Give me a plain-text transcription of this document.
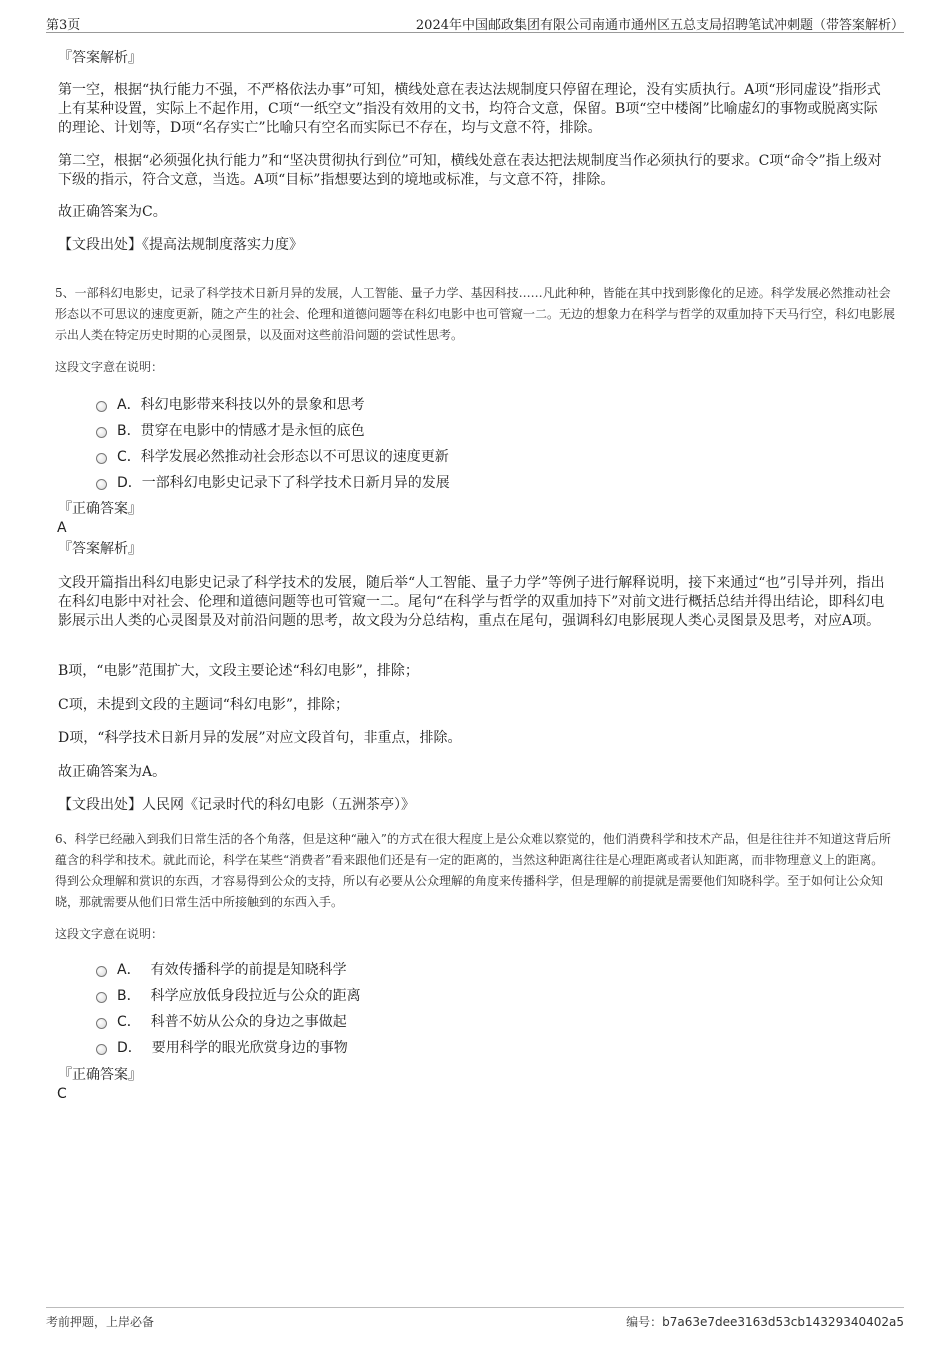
第3页	2024年中国邮政集团有限公司南通市通州区五总支局招聘笔试冲刺题（带答案解析）
『答案解析』
第一空，根据“执行能力不强，不严格依法办事”可知，横线处意在表达法规制度只停留在理论，没有实质执行。A项“形同虚设”指形式上有某种设置，实际上不起作用，C项“一纸空文”指没有效用的文书，均符合文意，保留。B项“空中楼阁”比喻虚幻的事物或脱离实际的理论、计划等，D项“名存实亡”比喻只有空名而实际已不存在，均与文意不符，排除。
第二空，根据“必须强化执行能力”和“坚决贯彻执行到位”可知，横线处意在表达把法规制度当作必须执行的要求。C项“命令”指上级对下级的指示，符合文意，当选。A项“目标”指想要达到的境地或标准，与文意不符，排除。
故正确答案为C。
【文段出处】《提高法规制度落实力度》
5、一部科幻电影史，记录了科学技术日新月异的发展，人工智能、量子力学、基因科技……凡此种种，皆能在其中找到影像化的足迹。科学发展必然推动社会形态以不可思议的速度更新，随之产生的社会、伦理和道德问题等在科幻电影中也可管窥一二。无边的想象力在科学与哲学的双重加持下天马行空，科幻电影展示出人类在特定历史时期的心灵图景，以及面对这些前沿问题的尝试性思考。
这段文字意在说明：
A． 科幻电影带来科技以外的景象和思考
B． 贯穿在电影中的情感才是永恒的底色
C． 科学发展必然推动社会形态以不可思议的速度更新
D． 一部科幻电影史记录下了科学技术日新月异的发展
『正确答案』
A
『答案解析』
文段开篇指出科幻电影史记录了科学技术的发展，随后举“人工智能、量子力学”等例子进行解释说明，接下来通过“也”引导并列，指出在科幻电影中对社会、伦理和道德问题等也可管窥一二。尾句“在科学与哲学的双重加持下”对前文进行概括总结并得出结论，即科幻电影展示出人类的心灵图景及对前沿问题的思考，故文段为分总结构，重点在尾句，强调科幻电影展现人类心灵图景及思考，对应A项。
B项，“电影”范围扩大，文段主要论述“科幻电影”，排除；
C项，未提到文段的主题词“科幻电影”，排除；
D项，“科学技术日新月异的发展”对应文段首句，非重点，排除。
故正确答案为A。
【文段出处】人民网《记录时代的科幻电影（五洲茶亭）》
6、科学已经融入到我们日常生活的各个角落，但是这种“融入”的方式在很大程度上是公众难以察觉的，他们消费科学和技术产品，但是往往并不知道这背后所蕴含的科学和技术。就此而论，科学在某些“消费者”看来跟他们还是有一定的距离的，当然这种距离往往是心理距离或者认知距离，而非物理意义上的距离。得到公众理解和赏识的东西，才容易得到公众的支持，所以有必要从公众理解的角度来传播科学，但是理解的前提就是需要他们知晓科学。至于如何让公众知晓，那就需要从他们日常生活中所接触到的东西入手。
这段文字意在说明：
A． 有效传播科学的前提是知晓科学
B． 科学应放低身段拉近与公众的距离
C． 科普不妨从公众的身边之事做起
D． 要用科学的眼光欣赏身边的事物
『正确答案』
C
考前押题，上岸必备	编号：b7a63e7dee3163d53cb14329340402a5
